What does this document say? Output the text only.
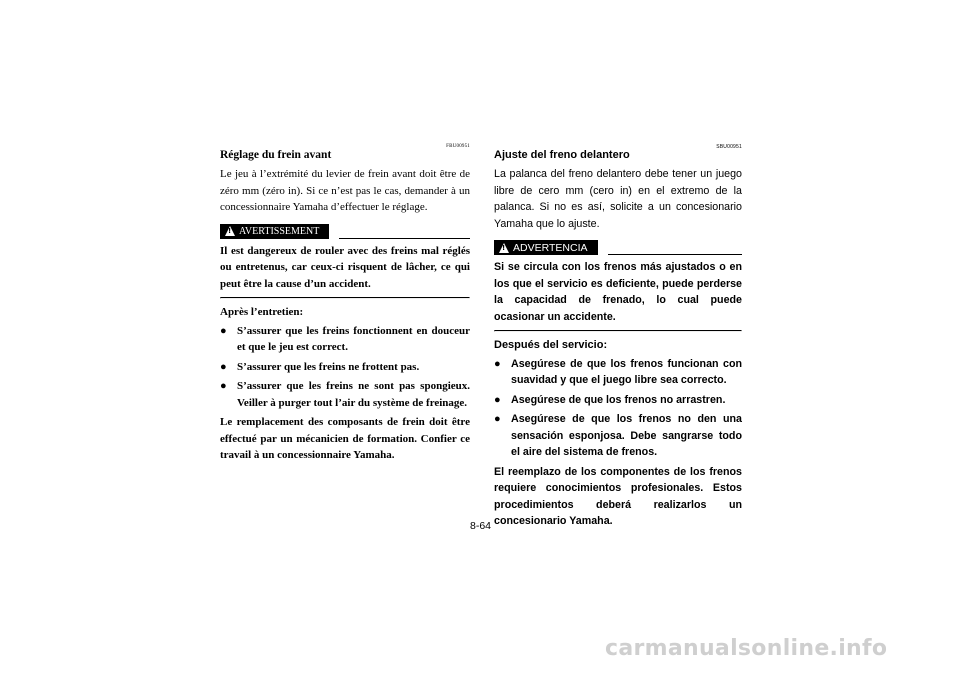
FBU00951
Réglage du frein avant

Le jeu à l’extrémité du levier de frein avant doit être de zéro mm (zéro in). Si ce n’est pas le cas, demander à un concessionnaire Yamaha d’effectuer le réglage.

!
AVERTISSEMENT

Il est dangereux de rouler avec des freins mal réglés ou entretenus, car ceux-ci risquent de lâcher, ce qui peut être la cause d’un accident.

Après l’entretien:
● S’assurer que les freins fonctionnent en douceur et que le jeu est correct.
● S’assurer que les freins ne frottent pas.
● S’assurer que les freins ne sont pas spongieux. Veiller à purger tout l’air du système de freinage.

Le remplacement des composants de frein doit être effectué par un mécanicien de formation. Confier ce travail à un concessionnaire Yamaha.

SBU00951
Ajuste del freno delantero

La palanca del freno delantero debe tener un juego libre de cero mm (cero in) en el extremo de la palanca. Si no es así, solicite a un concesionario Yamaha que lo ajuste.

!
ADVERTENCIA

Si se circula con los frenos más ajustados o en los que el servicio es deficiente, puede perderse la capacidad de frenado, lo cual puede ocasionar un accidente.

Después del servicio:
● Asegúrese de que los frenos funcionan con suavidad y que el juego libre sea correcto.
● Asegúrese de que los frenos no arrastren.
● Asegúrese de que los frenos no den una sensación esponjosa. Debe sangrarse todo el aire del sistema de frenos.

El reemplazo de los componentes de los frenos requiere conocimientos profesionales. Estos procedimientos deberá realizarlos un concesionario Yamaha.

8-64
carmanualsonline.info
